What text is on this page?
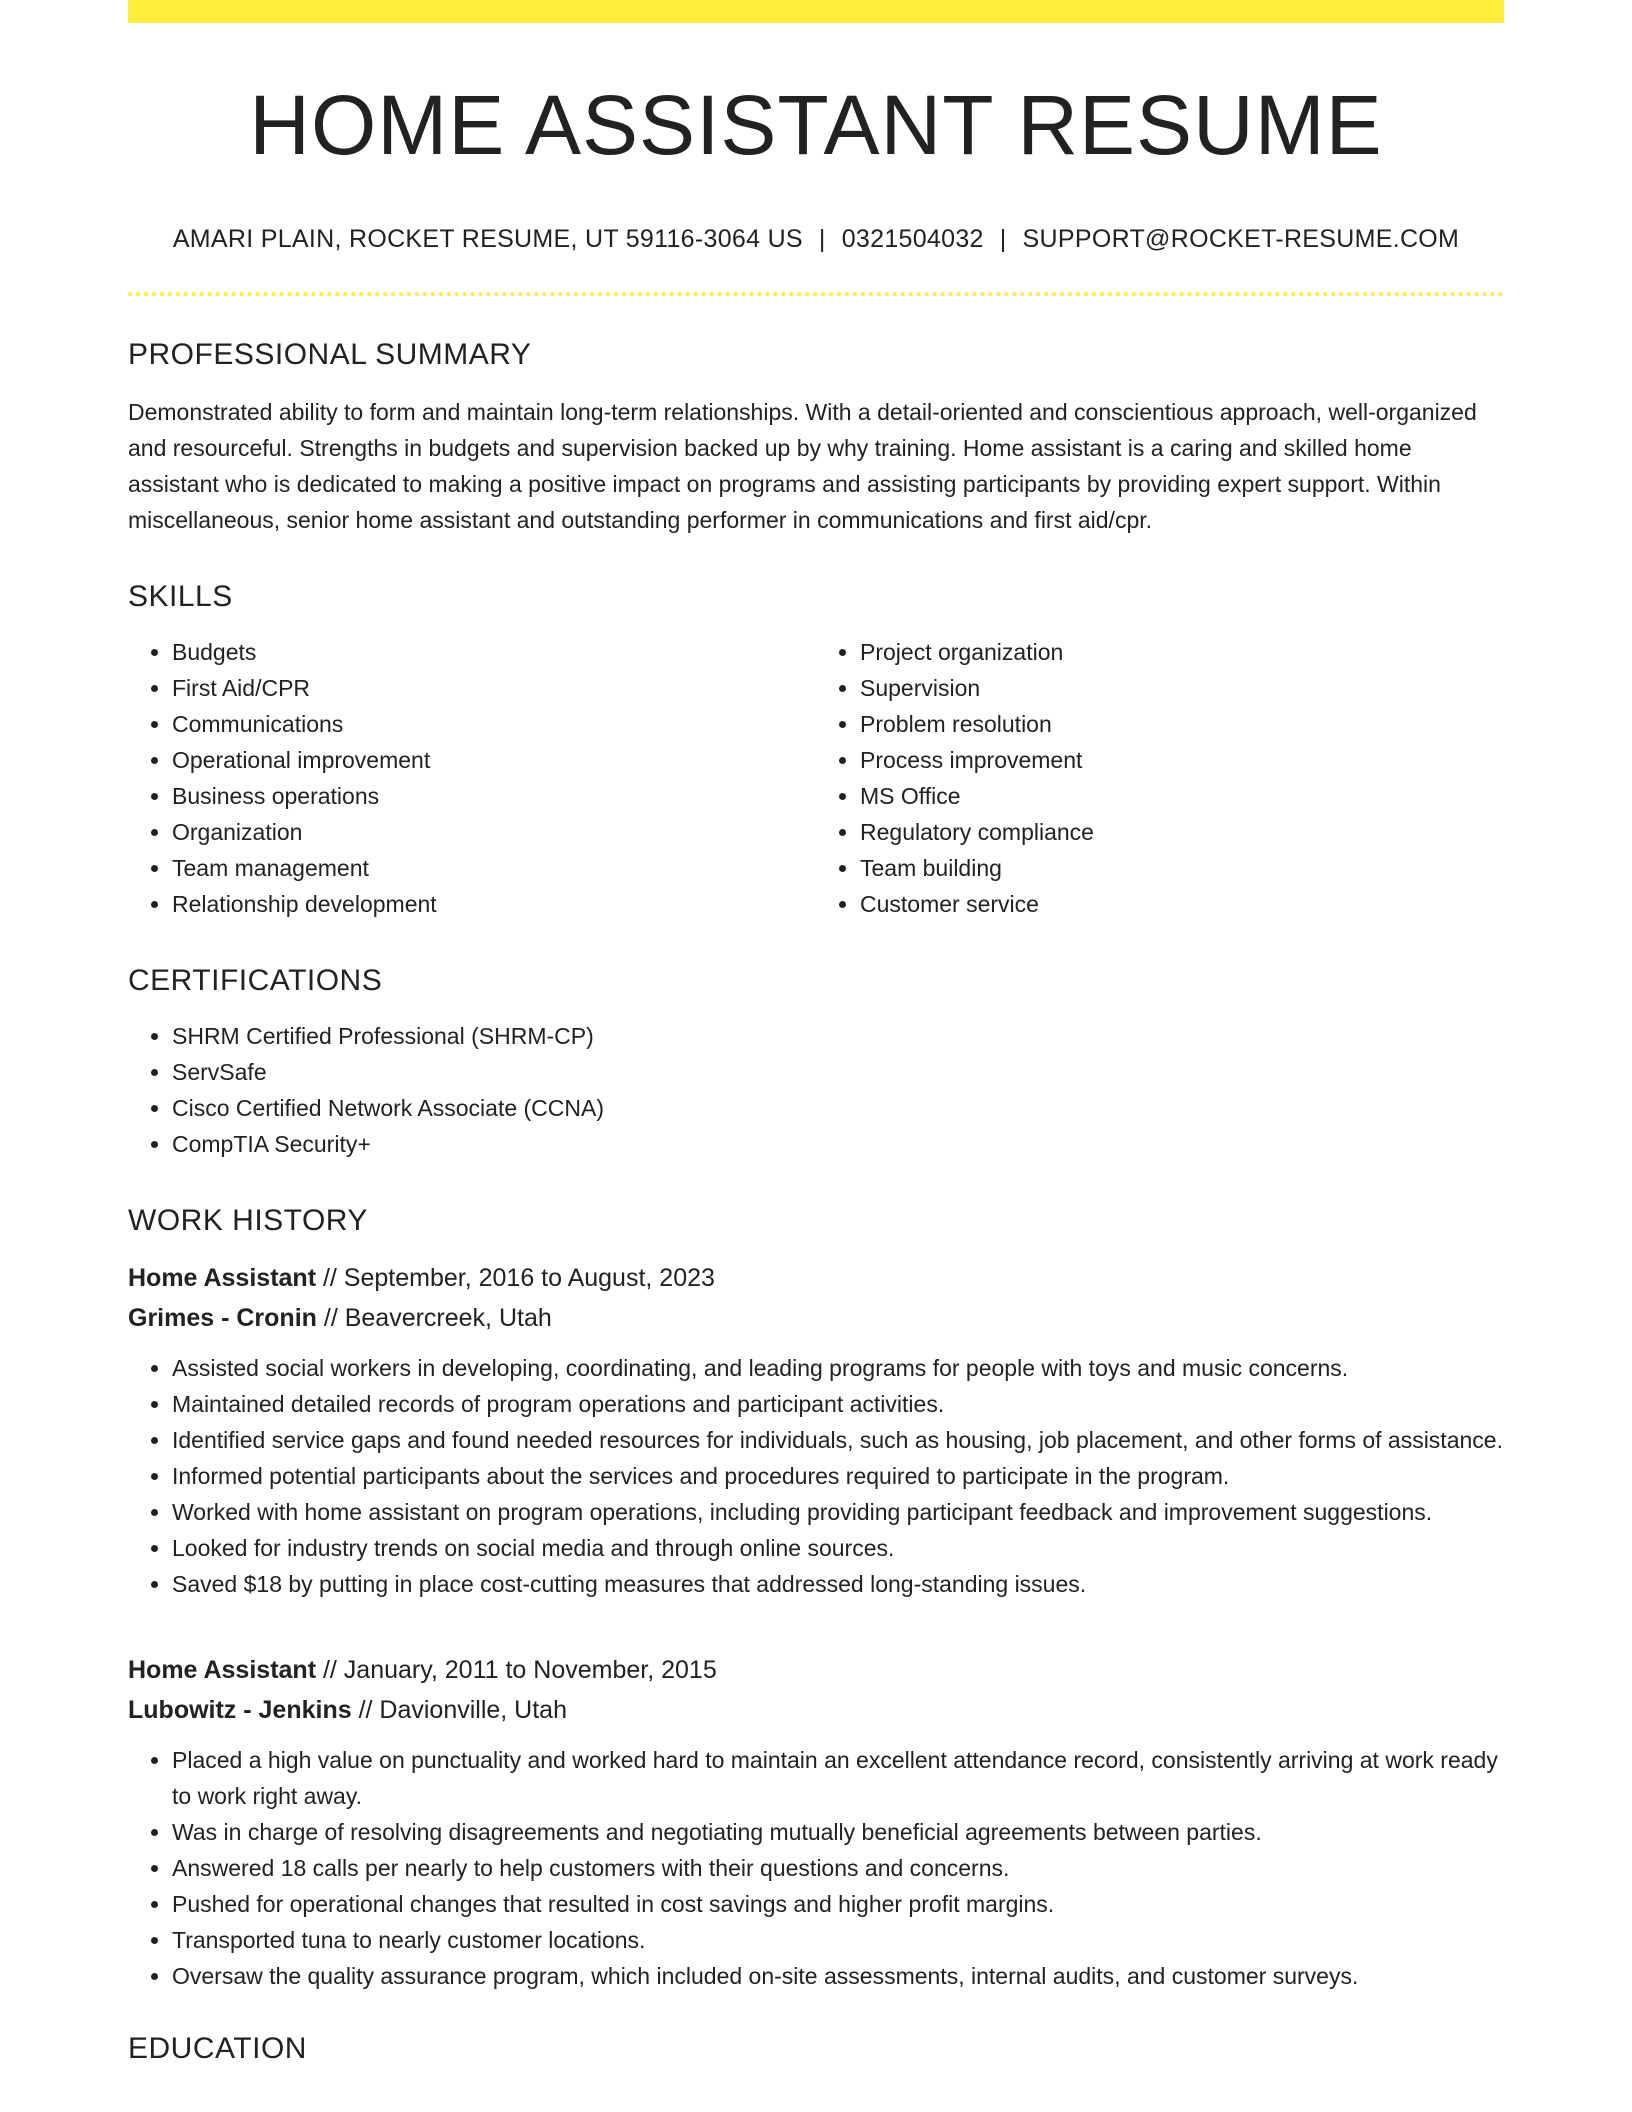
HOME ASSISTANT RESUME
AMARI PLAIN, ROCKET RESUME, UT 59116-3064 US | 0321504032 | SUPPORT@ROCKET-RESUME.COM
PROFESSIONAL SUMMARY

Demonstrated ability to form and maintain long-term relationships. With a detail-oriented and conscientious approach, well-organized and resourceful. Strengths in budgets and supervision backed up by why training. Home assistant is a caring and skilled home assistant who is dedicated to making a positive impact on programs and assisting participants by providing expert support. Within miscellaneous, senior home assistant and outstanding performer in communications and first aid/cpr.

SKILLS
• Budgets
• First Aid/CPR
• Communications
• Operational improvement
• Business operations
• Organization
• Team management
• Relationship development
• Project organization
• Supervision
• Problem resolution
• Process improvement
• MS Office
• Regulatory compliance
• Team building
• Customer service
CERTIFICATIONS
• SHRM Certified Professional (SHRM-CP)
• ServSafe
• Cisco Certified Network Associate (CCNA)
• CompTIA Security+
WORK HISTORY
Home Assistant // September, 2016 to August, 2023
Grimes - Cronin // Beavercreek, Utah
• Assisted social workers in developing, coordinating, and leading programs for people with toys and music concerns.
• Maintained detailed records of program operations and participant activities.
• Identified service gaps and found needed resources for individuals, such as housing, job placement, and other forms of assistance.
• Informed potential participants about the services and procedures required to participate in the program.
• Worked with home assistant on program operations, including providing participant feedback and improvement suggestions.
• Looked for industry trends on social media and through online sources.
• Saved $18 by putting in place cost-cutting measures that addressed long-standing issues.
Home Assistant // January, 2011 to November, 2015
Lubowitz - Jenkins // Davionville, Utah
• Placed a high value on punctuality and worked hard to maintain an excellent attendance record, consistently arriving at work ready to work right away.
• Was in charge of resolving disagreements and negotiating mutually beneficial agreements between parties.
• Answered 18 calls per nearly to help customers with their questions and concerns.
• Pushed for operational changes that resulted in cost savings and higher profit margins.
• Transported tuna to nearly customer locations.
• Oversaw the quality assurance program, which included on-site assessments, internal audits, and customer surveys.
EDUCATION
